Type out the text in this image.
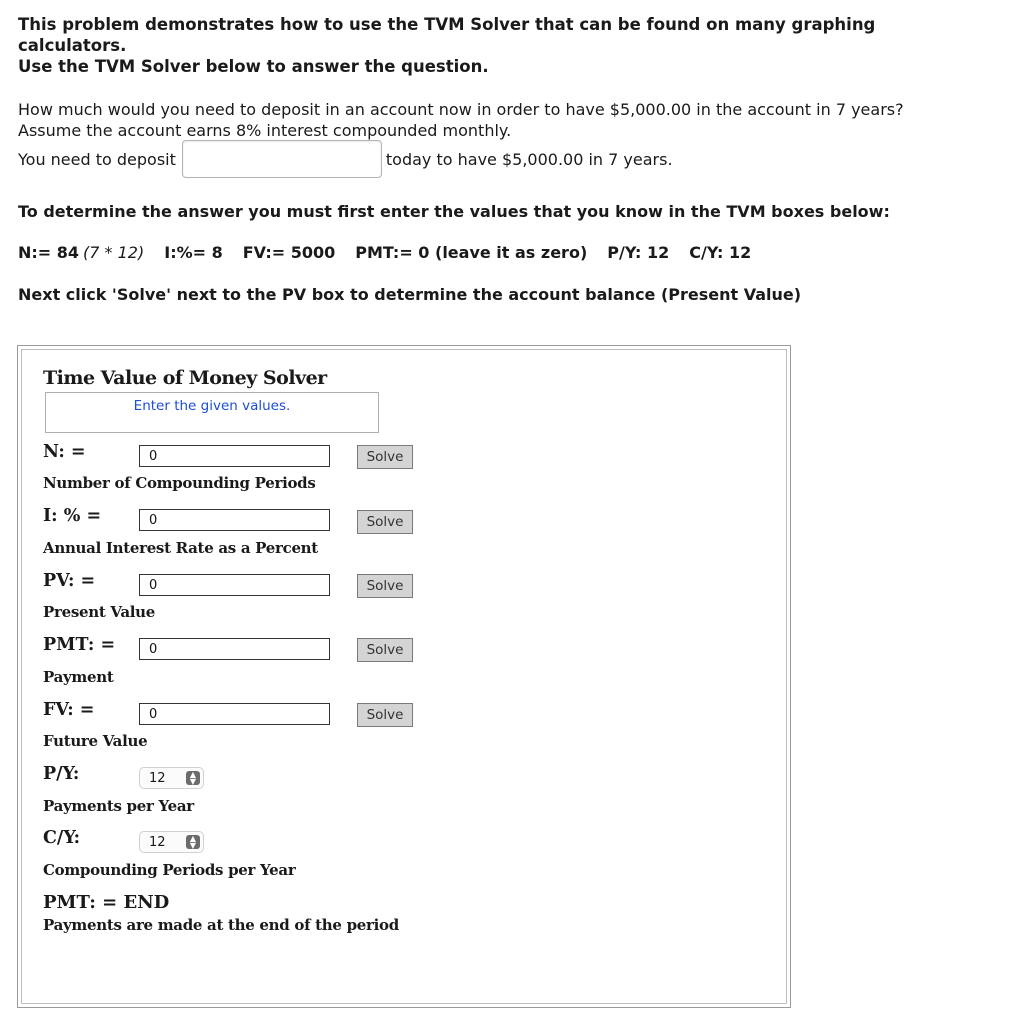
This problem demonstrates how to use the TVM Solver that can be found on many graphing calculators.
Use the TVM Solver below to answer the question.
How much would you need to deposit in an account now in order to have $5,000.00 in the account in 7 years?
Assume the account earns 8% interest compounded monthly.
You need to deposit	today to have $5,000.00 in 7 years.
To determine the answer you must first enter the values that you know in the TVM boxes below:
N:= 84 (7 * 12) I:%= 8 FV:= 5000 PMT:= 0 (leave it as zero) P/Y: 12 C/Y: 12
Next click 'Solve' next to the PV box to determine the account balance (Present Value)
Time Value of Money Solver
Enter the given values.
N: =	0	Solve
Number of Compounding Periods
I: % =	0	Solve
Annual Interest Rate as a Percent
PV: =	0	Solve
Present Value
PMT: =	0	Solve
Payment
FV: =	0	Solve
Future Value
P/Y:	12	▲
▼
Payments per Year
C/Y:	12	▲
▼
Compounding Periods per Year
PMT: = END
Payments are made at the end of the period
